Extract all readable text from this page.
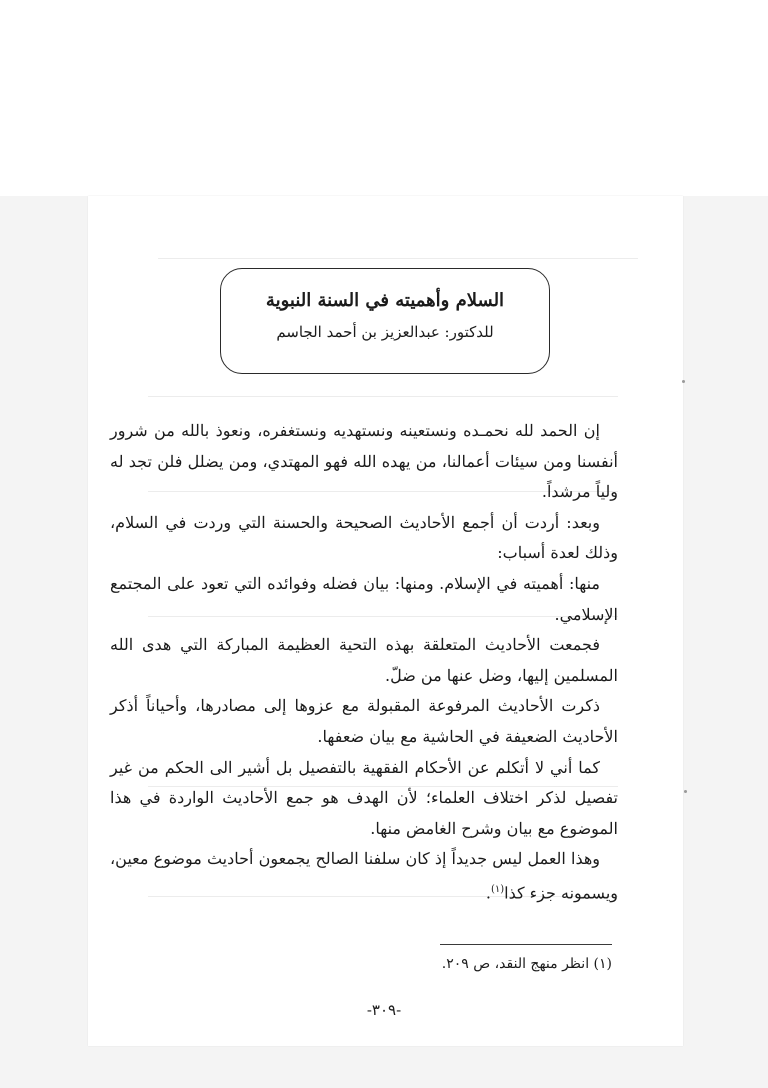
السلام وأهميته في السنة النبوية
للدكتور: عبدالعزيز بن أحمد الجاسم

إن الحمد لله نحمـده ونستعينه ونستهديه ونستغفره، ونعوذ بالله من شرور أنفسنا ومن سيئات أعمالنا، من يهده الله فهو المهتدي، ومن يضلل فلن تجد له ولياً مرشداً.

وبعد: أردت أن أجمع الأحاديث الصحيحة والحسنة التي وردت في السلام، وذلك لعدة أسباب:

منها: أهميته في الإسلام. ومنها: بيان فضله وفوائده التي تعود على المجتمع الإسلامي.

فجمعت الأحاديث المتعلقة بهذه التحية العظيمة المباركة التي هدى الله المسلمين إليها، وضل عنها من ضلّ.

ذكرت الأحاديث المرفوعة المقبولة مع عزوها إلى مصادرها، وأحياناً أذكر الأحاديث الضعيفة في الحاشية مع بيان ضعفها.

كما أني لا أتكلم عن الأحكام الفقهية بالتفصيل بل أشير الى الحكم من غير تفصيل لذكر اختلاف العلماء؛ لأن الهدف هو جمع الأحاديث الواردة في هذا الموضوع مع بيان وشرح الغامض منها.

وهذا العمل ليس جديداً إذ كان سلفنا الصالح يجمعون أحاديث موضوع معين، ويسمونه جزء كذا$^{(١)}$.

(١) انظر منهج النقد، ص ٢٠٩.
-٣٠٩-
